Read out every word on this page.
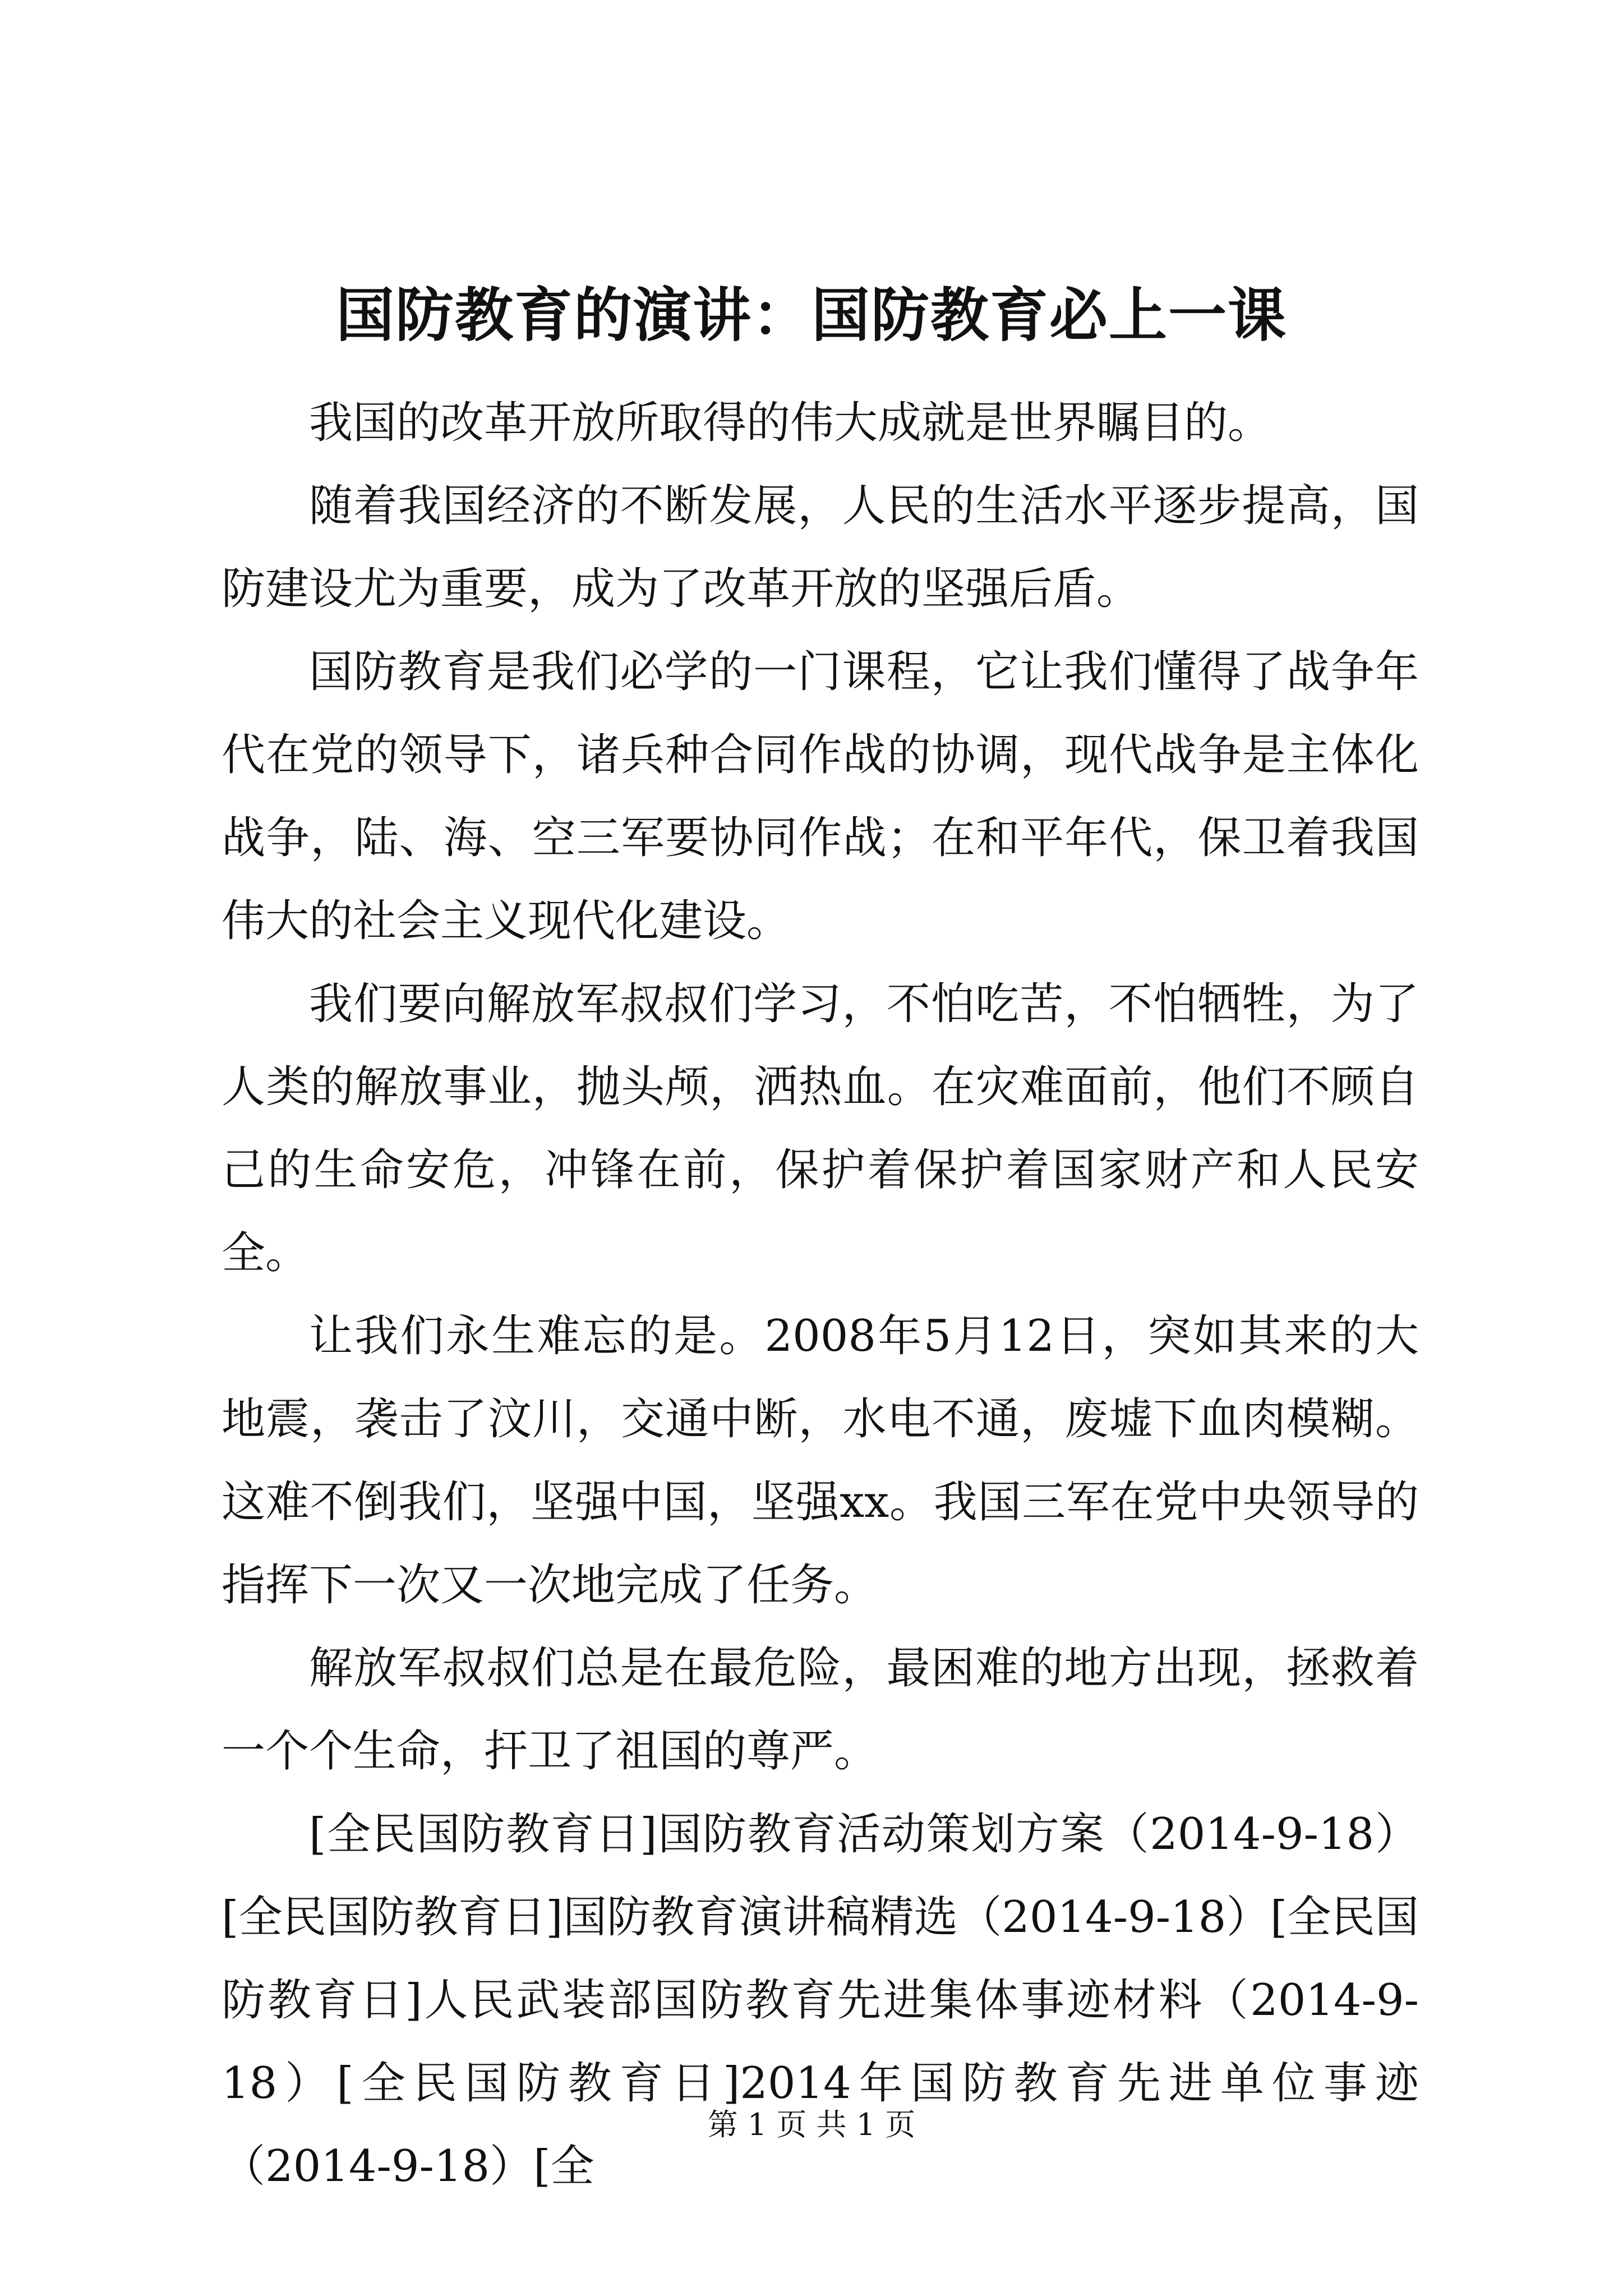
国防教育的演讲：国防教育必上一课

我国的改革开放所取得的伟大成就是世界瞩目的。

随着我国经济的不断发展，人民的生活水平逐步提高，国防建设尤为重要，成为了改革开放的坚强后盾。

国防教育是我们必学的一门课程，它让我们懂得了战争年代在党的领导下，诸兵种合同作战的协调，现代战争是主体化战争，陆、海、空三军要协同作战；在和平年代，保卫着我国伟大的社会主义现代化建设。

我们要向解放军叔叔们学习，不怕吃苦，不怕牺牲，为了人类的解放事业，抛头颅，洒热血。在灾难面前，他们不顾自己的生命安危，冲锋在前，保护着保护着国家财产和人民安全。

让我们永生难忘的是。2008年5月12日，突如其来的大地震，袭击了汶川，交通中断，水电不通，废墟下血肉模糊。这难不倒我们，坚强中国，坚强xx。我国三军在党中央领导的指挥下一次又一次地完成了任务。

解放军叔叔们总是在最危险，最困难的地方出现，拯救着一个个生命，扞卫了祖国的尊严。

[全民国防教育日]国防教育活动策划方案（2014-9-18）[全民国防教育日]国防教育演讲稿精选（2014-9-18）[全民国防教育日]人民武装部国防教育先进集体事迹材料（2014-9-18）[全民国防教育日]2014年国防教育先进单位事迹（2014-9-18）[全

第 1 页 共 1 页
